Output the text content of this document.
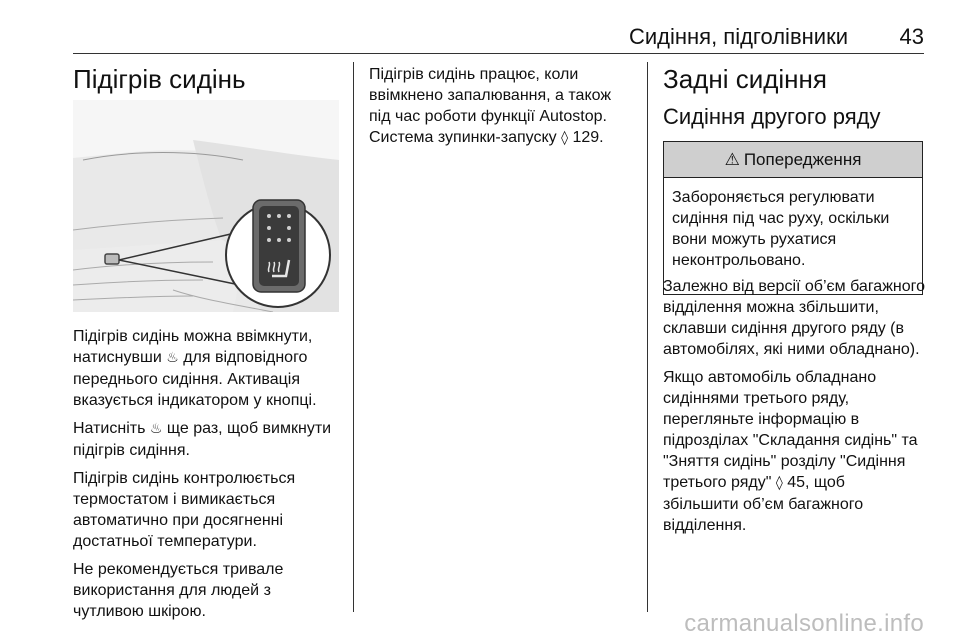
Сидіння, підголівники 43
Підігрів сидінь

Підігрів сидінь можна ввімкнути,
натиснувши ♨ для відповідного
переднього сидіння. Активація
вказується індикатором у кнопці.

Натисніть ♨ ще раз, щоб вимкнути
підігрів сидіння.

Підігрів сидінь контролюється
термостатом і вимикається
автоматично при досягненні
достатньої температури.

Не рекомендується тривале
використання для людей з
чутливою шкірою.

Підігрів сидінь працює, коли
ввімкнено запалювання, а також
під час роботи функції Autostop.
Система зупинки-запуску ◊ 129.

Задні сидіння
Сидіння другого ряду
⚠ Попередження
Забороняється регулювати
сидіння під час руху, оскільки
вони можуть рухатися
неконтрольовано.

Залежно від версії об’єм багажного
відділення можна збільшити,
склавши сидіння другого ряду (в
автомобілях, які ними обладнано).

Якщо автомобіль обладнано
сидіннями третього ряду,
перегляньте інформацію в
підрозділах "Складання сидінь" та
"Зняття сидінь" розділу "Сидіння
третього ряду" ◊ 45, щоб
збільшити об’єм багажного
відділення.

carmanualsonline.info
